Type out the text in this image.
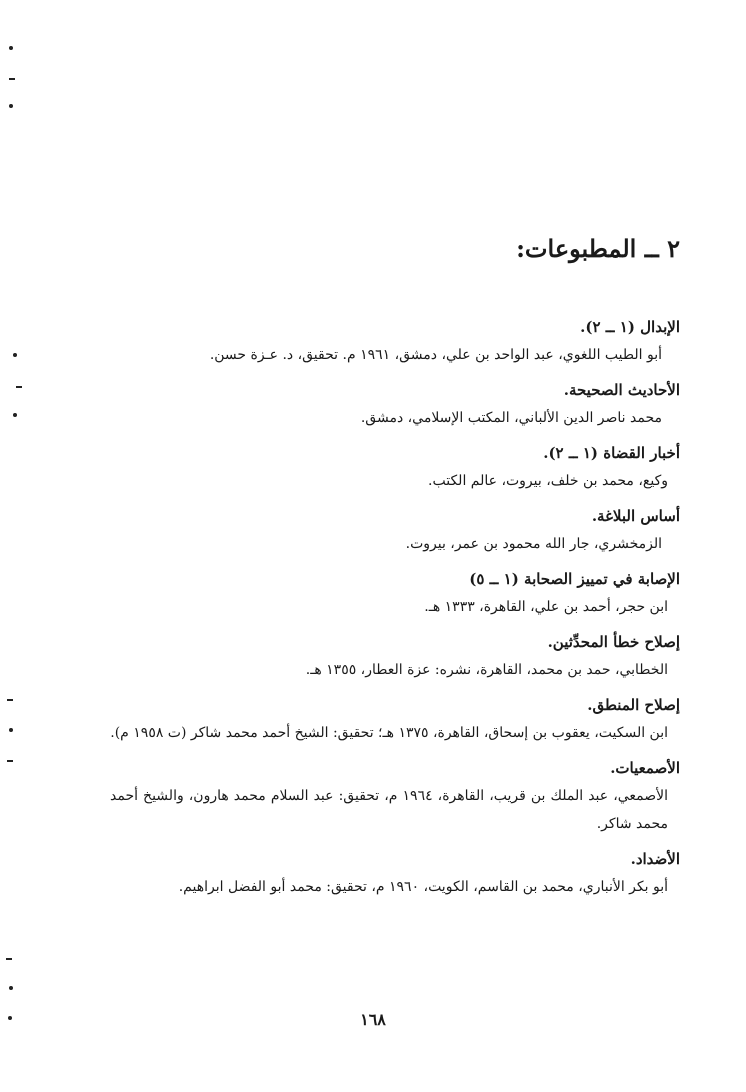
٢ ــ المطبوعات:
الإبدال (١ ــ ٢).
أبو الطيب اللغوي، عبد الواحد بن علي، دمشق، ١٩٦١ م. تحقيق، د. عـزة حسن.
الأحاديث الصحيحة.
محمد ناصر الدين الألباني، المكتب الإسلامي، دمشق.
أخبار القضاة (١ ــ ٢).
وكيع، محمد بن خلف، بيروت، عالم الكتب.
أساس البلاغة.
الزمخشري، جار الله محمود بن عمر، بيروت.
الإصابة في تمييز الصحابة (١ ــ ٥)
ابن حجر، أحمد بن علي، القاهرة، ١٣٣٣ هـ.
إصلاح خطأ المحدِّثين.
الخطابي، حمد بن محمد، القاهرة، نشره: عزة العطار، ١٣٥٥ هـ.
إصلاح المنطق.
ابن السكيت، يعقوب بن إسحاق، القاهرة، ١٣٧٥ هـ؛ تحقيق: الشيخ أحمد محمد شاكر (ت ١٩٥٨ م).
الأصمعيات.
الأصمعي، عبد الملك بن قريب، القاهرة، ١٩٦٤ م، تحقيق: عبد السلام محمد هارون، والشيخ أحمد محمد شاكر.
الأضداد.
أبو بكر الأنباري، محمد بن القاسم، الكويت، ١٩٦٠ م، تحقيق: محمد أبو الفضل ابراهيم.
١٦٨
